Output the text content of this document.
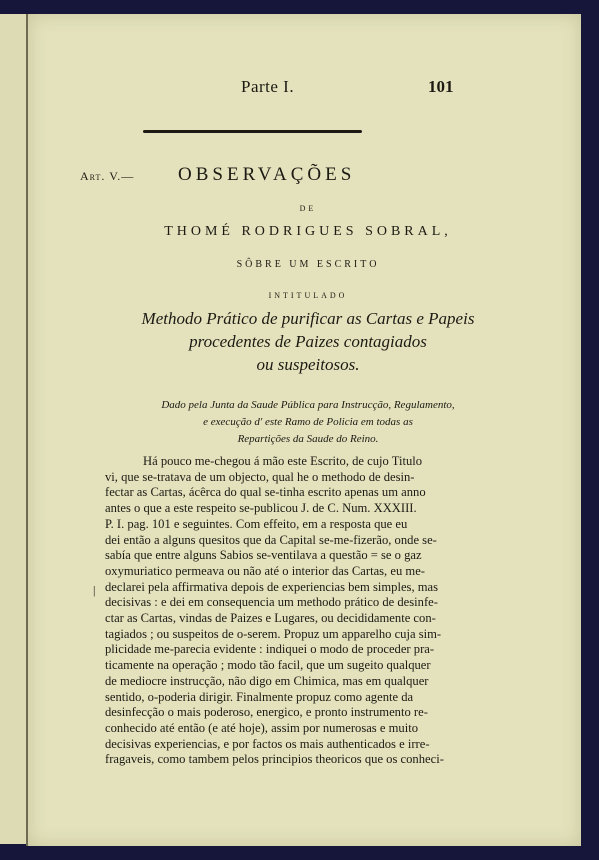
Parte I.	101
Art. V.— OBSERVAÇÕES
DE
THOMÉ RODRIGUES SOBRAL,
SÔBRE UM ESCRITO
INTITULADO
Methodo Prático de purificar as Cartas e Papeis
procedentes de Paizes contagiados
ou suspeitosos.
Dado pela Junta da Saude Pública para Instrucção, Regulamento,
e execução d' este Ramo de Policia em todas as
Repartições da Saude do Reino.
|
Há pouco me-chegou á mão este Escrito, de cujo Titulo
vi, que se-tratava de um objecto, qual he o methodo de desin-
fectar as Cartas, ácêrca do qual se-tinha escrito apenas um anno
antes o que a este respeito se-publicou J. de C. Num. XXXIII.
P. I. pag. 101 e seguintes. Com effeito, em a resposta que eu
dei então a alguns quesitos que da Capital se-me-fizerão, onde se-
sabía que entre alguns Sabios se-ventilava a questão = se o gaz
oxymuriatico permeava ou não até o interior das Cartas, eu me-
declarei pela affirmativa depois de experiencias bem simples, mas
decisivas : e dei em consequencia um methodo prático de desinfe-
ctar as Cartas, vindas de Paizes e Lugares, ou decididamente con-
tagiados ; ou suspeitos de o-serem. Propuz um apparelho cuja sim-
plicidade me-parecia evidente : indiquei o modo de proceder pra-
ticamente na operação ; modo tão facil, que um sugeito qualquer
de mediocre instrucção, não digo em Chimica, mas em qualquer
sentido, o-poderia dirigir. Finalmente propuz como agente da
desinfecção o mais poderoso, energico, e pronto instrumento re-
conhecido até então (e até hoje), assim por numerosas e muito
decisivas experiencias, e por factos os mais authenticados e irre-
fragaveis, como tambem pelos principios theoricos que os conheci-
